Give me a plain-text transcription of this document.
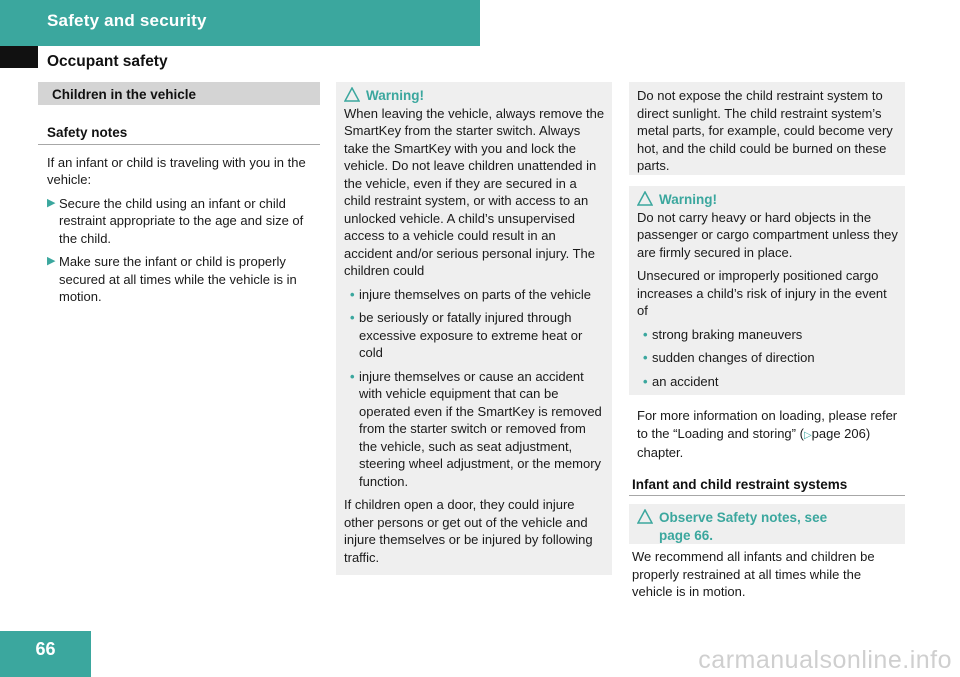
Safety and security
Occupant safety
Children in the vehicle
Safety notes
If an infant or child is traveling with you in the vehicle:
▶ Secure the child using an infant or child restraint appropriate to the age and size of the child.
▶ Make sure the infant or child is properly secured at all times while the vehicle is in motion.
Warning!

When leaving the vehicle, always remove the SmartKey from the starter switch. Always take the SmartKey with you and lock the vehicle. Do not leave children unattended in the vehicle, even if they are secured in a child restraint system, or with access to an unlocked vehicle. A child’s unsupervised access to a vehicle could result in an accident and/or serious personal injury. The children could

• injure themselves on parts of the vehicle
• be seriously or fatally injured through excessive exposure to extreme heat or cold
• injure themselves or cause an accident with vehicle equipment that can be operated even if the SmartKey is removed from the starter switch or removed from the vehicle, such as seat adjustment, steering wheel adjustment, or the memory function.

If children open a door, they could injure other persons or get out of the vehicle and injure themselves or be injured by following traffic.

Do not expose the child restraint system to direct sunlight. The child restraint system’s metal parts, for example, could become very hot, and the child could be burned on these parts.

Warning!

Do not carry heavy or hard objects in the passenger or cargo compartment unless they are firmly secured in place.

Unsecured or improperly positioned cargo increases a child’s risk of injury in the event of

• strong braking maneuvers
• sudden changes of direction
• an accident
For more information on loading, please refer to the “Loading and storing” (▷page 206) chapter.
Infant and child restraint systems
Observe Safety notes, see page 66.
We recommend all infants and children be properly restrained at all times while the vehicle is in motion.
66	carmanualsonline.info
